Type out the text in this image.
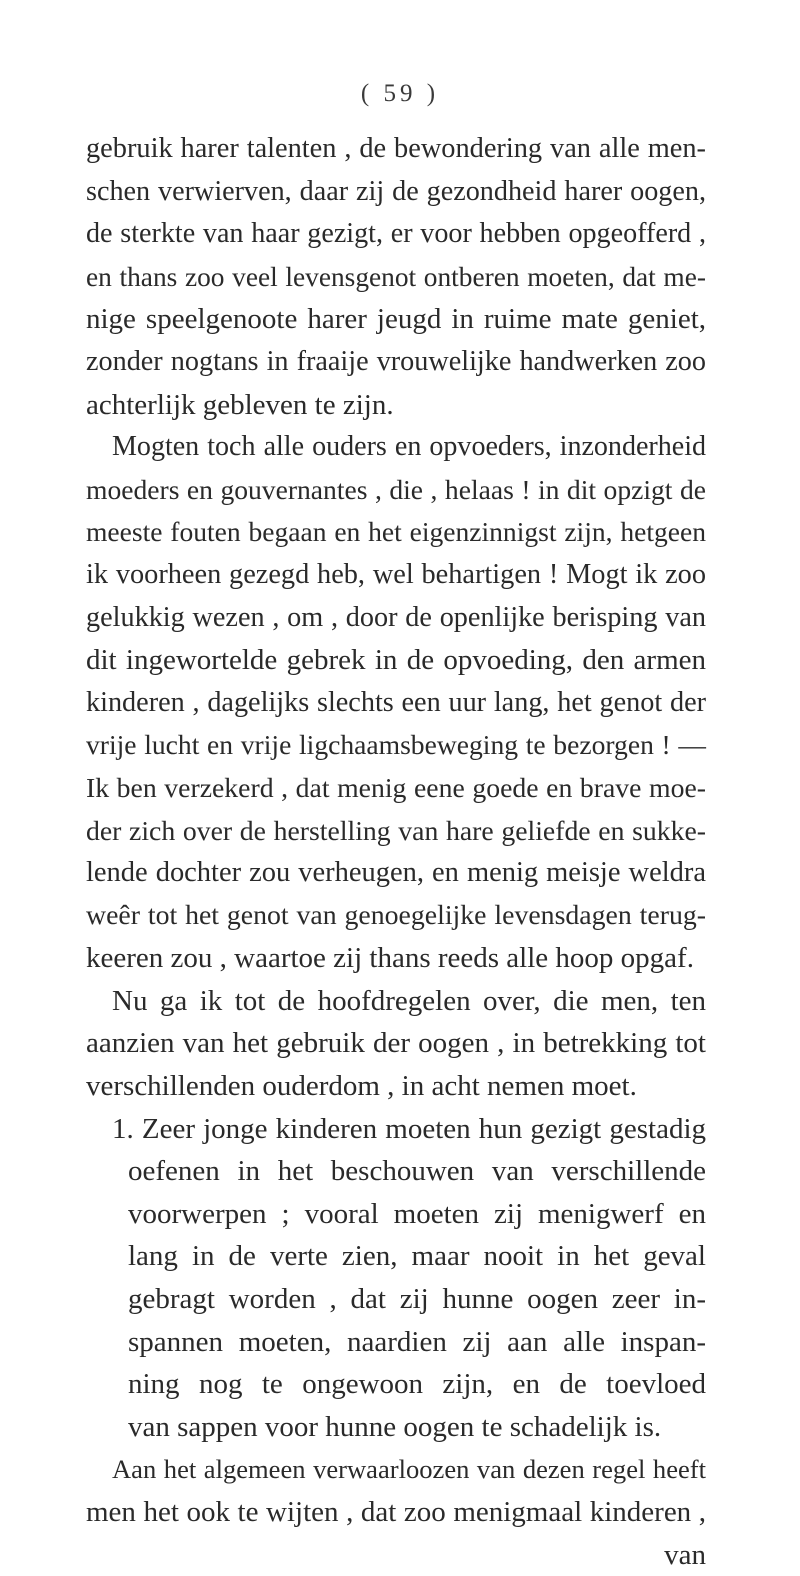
( 59 )
gebruik harer talenten , de bewondering van alle men-
schen verwierven, daar zij de gezondheid harer oogen,
de sterkte van haar gezigt, er voor hebben opgeofferd ,
en thans zoo veel levensgenot ontberen moeten, dat me-
nige speelgenoote harer jeugd in ruime mate geniet,
zonder nogtans in fraaije vrouwelijke handwerken zoo
achterlijk gebleven te zijn.
Mogten toch alle ouders en opvoeders, inzonderheid
moeders en gouvernantes , die , helaas ! in dit opzigt de
meeste fouten begaan en het eigenzinnigst zijn, hetgeen
ik voorheen gezegd heb, wel behartigen ! Mogt ik zoo
gelukkig wezen , om , door de openlijke berisping van
dit ingewortelde gebrek in de opvoeding, den armen
kinderen , dagelijks slechts een uur lang, het genot der
vrije lucht en vrije ligchaamsbeweging te bezorgen ! —
Ik ben verzekerd , dat menig eene goede en brave moe-
der zich over de herstelling van hare geliefde en sukke-
lende dochter zou verheugen, en menig meisje weldra
weêr tot het genot van genoegelijke levensdagen terug-
keeren zou , waartoe zij thans reeds alle hoop opgaf.
Nu ga ik tot de hoofdregelen over, die men, ten
aanzien van het gebruik der oogen , in betrekking tot
verschillenden ouderdom , in acht nemen moet.
1. Zeer jonge kinderen moeten hun gezigt gestadig
oefenen in het beschouwen van verschillende
voorwerpen ; vooral moeten zij menigwerf en
lang in de verte zien, maar nooit in het geval
gebragt worden , dat zij hunne oogen zeer in-
spannen moeten, naardien zij aan alle inspan-
ning nog te ongewoon zijn, en de toevloed
van sappen voor hunne oogen te schadelijk is.
Aan het algemeen verwaarloozen van dezen regel heeft
men het ook te wijten , dat zoo menigmaal kinderen ,
van
